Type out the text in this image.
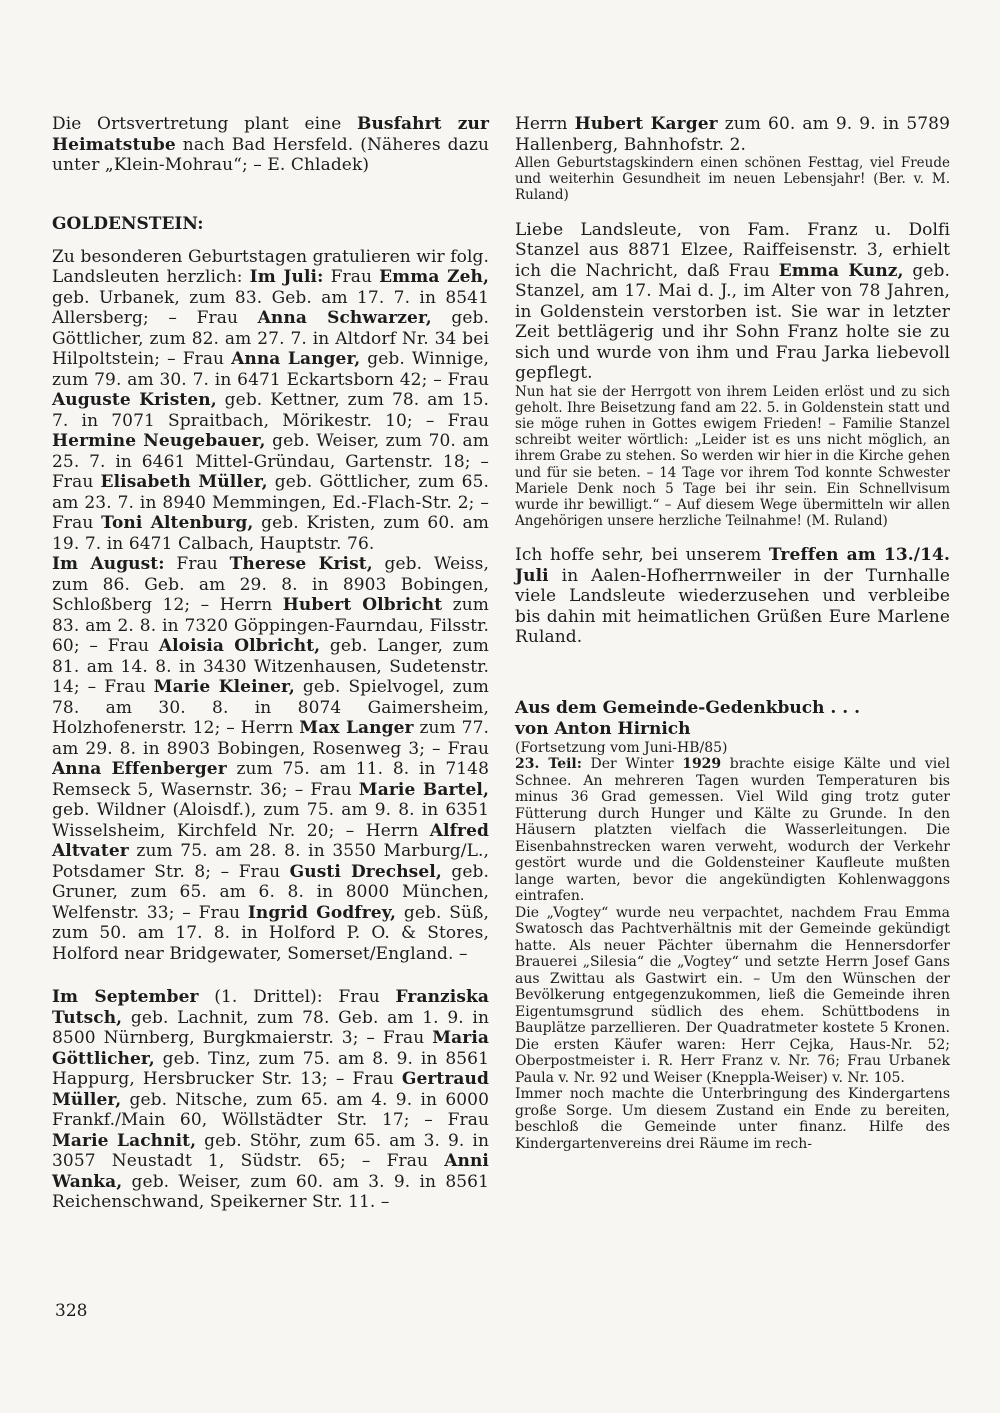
Die Ortsvertretung plant eine Busfahrt zur Heimatstube nach Bad Hersfeld. (Näheres dazu unter „Klein-Mohrau“; – E. Chladek)

GOLDENSTEIN:

Zu besonderen Geburtstagen gratulieren wir folg. Landsleuten herzlich: Im Juli: Frau Emma Zeh, geb. Urbanek, zum 83. Geb. am 17. 7. in 8541 Allersberg; – Frau Anna Schwarzer, geb. Göttlicher, zum 82. am 27. 7. in Altdorf Nr. 34 bei Hilpoltstein; – Frau Anna Langer, geb. Winnige, zum 79. am 30. 7. in 6471 Eckartsborn 42; – Frau Auguste Kristen, geb. Kettner, zum 78. am 15. 7. in 7071 Spraitbach, Mörikestr. 10; – Frau Hermine Neugebauer, geb. Weiser, zum 70. am 25. 7. in 6461 Mittel-Gründau, Gartenstr. 18; – Frau Elisabeth Müller, geb. Göttlicher, zum 65. am 23. 7. in 8940 Memmingen, Ed.-Flach-Str. 2; – Frau Toni Altenburg, geb. Kristen, zum 60. am 19. 7. in 6471 Calbach, Hauptstr. 76.

Im August: Frau Therese Krist, geb. Weiss, zum 86. Geb. am 29. 8. in 8903 Bobingen, Schloßberg 12; – Herrn Hubert Olbricht zum 83. am 2. 8. in 7320 Göppingen-Faurndau, Filsstr. 60; – Frau Aloisia Olbricht, geb. Langer, zum 81. am 14. 8. in 3430 Witzenhausen, Sudetenstr. 14; – Frau Marie Kleiner, geb. Spielvogel, zum 78. am 30. 8. in 8074 Gaimersheim, Holzhofenerstr. 12; – Herrn Max Langer zum 77. am 29. 8. in 8903 Bobingen, Rosenweg 3; – Frau Anna Effenberger zum 75. am 11. 8. in 7148 Remseck 5, Wasernstr. 36; – Frau Marie Bartel, geb. Wildner (Aloisdf.), zum 75. am 9. 8. in 6351 Wisselsheim, Kirchfeld Nr. 20; – Herrn Alfred Altvater zum 75. am 28. 8. in 3550 Marburg/L., Potsdamer Str. 8; – Frau Gusti Drechsel, geb. Gruner, zum 65. am 6. 8. in 8000 München, Welfenstr. 33; – Frau Ingrid Godfrey, geb. Süß, zum 50. am 17. 8. in Holford P. O. & Stores, Holford near Bridgewater, Somerset/England. –

Im September (1. Drittel): Frau Franziska Tutsch, geb. Lachnit, zum 78. Geb. am 1. 9. in 8500 Nürnberg, Burgkmaierstr. 3; – Frau Maria Göttlicher, geb. Tinz, zum 75. am 8. 9. in 8561 Happurg, Hersbrucker Str. 13; – Frau Gertraud Müller, geb. Nitsche, zum 65. am 4. 9. in 6000 Frankf./Main 60, Wöllstädter Str. 17; – Frau Marie Lachnit, geb. Stöhr, zum 65. am 3. 9. in 3057 Neustadt 1, Südstr. 65; – Frau Anni Wanka, geb. Weiser, zum 60. am 3. 9. in 8561 Reichenschwand, Speikerner Str. 11. –

Herrn Hubert Karger zum 60. am 9. 9. in 5789 Hallenberg, Bahnhofstr. 2.

Allen Geburtstagskindern einen schönen Festtag, viel Freude und weiterhin Gesundheit im neuen Lebensjahr! (Ber. v. M. Ruland)

Liebe Landsleute, von Fam. Franz u. Dolfi Stanzel aus 8871 Elzee, Raiffeisenstr. 3, erhielt ich die Nachricht, daß Frau Emma Kunz, geb. Stanzel, am 17. Mai d. J., im Alter von 78 Jahren, in Goldenstein verstorben ist. Sie war in letzter Zeit bettlägerig und ihr Sohn Franz holte sie zu sich und wurde von ihm und Frau Jarka liebevoll gepflegt.

Nun hat sie der Herrgott von ihrem Leiden erlöst und zu sich geholt. Ihre Beisetzung fand am 22. 5. in Goldenstein statt und sie möge ruhen in Gottes ewigem Frieden! – Familie Stanzel schreibt weiter wörtlich: „Leider ist es uns nicht möglich, an ihrem Grabe zu stehen. So werden wir hier in die Kirche gehen und für sie beten. – 14 Tage vor ihrem Tod konnte Schwester Mariele Denk noch 5 Tage bei ihr sein. Ein Schnellvisum wurde ihr bewilligt.“ – Auf diesem Wege übermitteln wir allen Angehörigen unsere herzliche Teilnahme! (M. Ruland)

Ich hoffe sehr, bei unserem Treffen am 13./14. Juli in Aalen-Hofherrnweiler in der Turnhalle viele Landsleute wiederzusehen und verbleibe bis dahin mit heimatlichen Grüßen Eure Marlene Ruland.

Aus dem Gemeinde-Gedenkbuch . . .

von Anton Hirnich

(Fortsetzung vom Juni-HB/85)

23. Teil: Der Winter 1929 brachte eisige Kälte und viel Schnee. An mehreren Tagen wurden Temperaturen bis minus 36 Grad gemessen. Viel Wild ging trotz guter Fütterung durch Hunger und Kälte zu Grunde. In den Häusern platzten vielfach die Wasserleitungen. Die Eisenbahnstrecken waren verweht, wodurch der Verkehr gestört wurde und die Goldensteiner Kaufleute mußten lange warten, bevor die angekündigten Kohlenwaggons eintrafen.

Die „Vogtey“ wurde neu verpachtet, nachdem Frau Emma Swatosch das Pachtverhältnis mit der Gemeinde gekündigt hatte. Als neuer Pächter übernahm die Hennersdorfer Brauerei „Silesia“ die „Vogtey“ und setzte Herrn Josef Gans aus Zwittau als Gastwirt ein. – Um den Wünschen der Bevölkerung entgegenzukommen, ließ die Gemeinde ihren Eigentumsgrund südlich des ehem. Schüttbodens in Bauplätze parzellieren. Der Quadratmeter kostete 5 Kronen. Die ersten Käufer waren: Herr Cejka, Haus-Nr. 52; Oberpostmeister i. R. Herr Franz v. Nr. 76; Frau Urbanek Paula v. Nr. 92 und Weiser (Kneppla-Weiser) v. Nr. 105.

Immer noch machte die Unterbringung des Kindergartens große Sorge. Um diesem Zustand ein Ende zu bereiten, beschloß die Gemeinde unter finanz. Hilfe des Kindergartenvereins drei Räume im rech-

328
